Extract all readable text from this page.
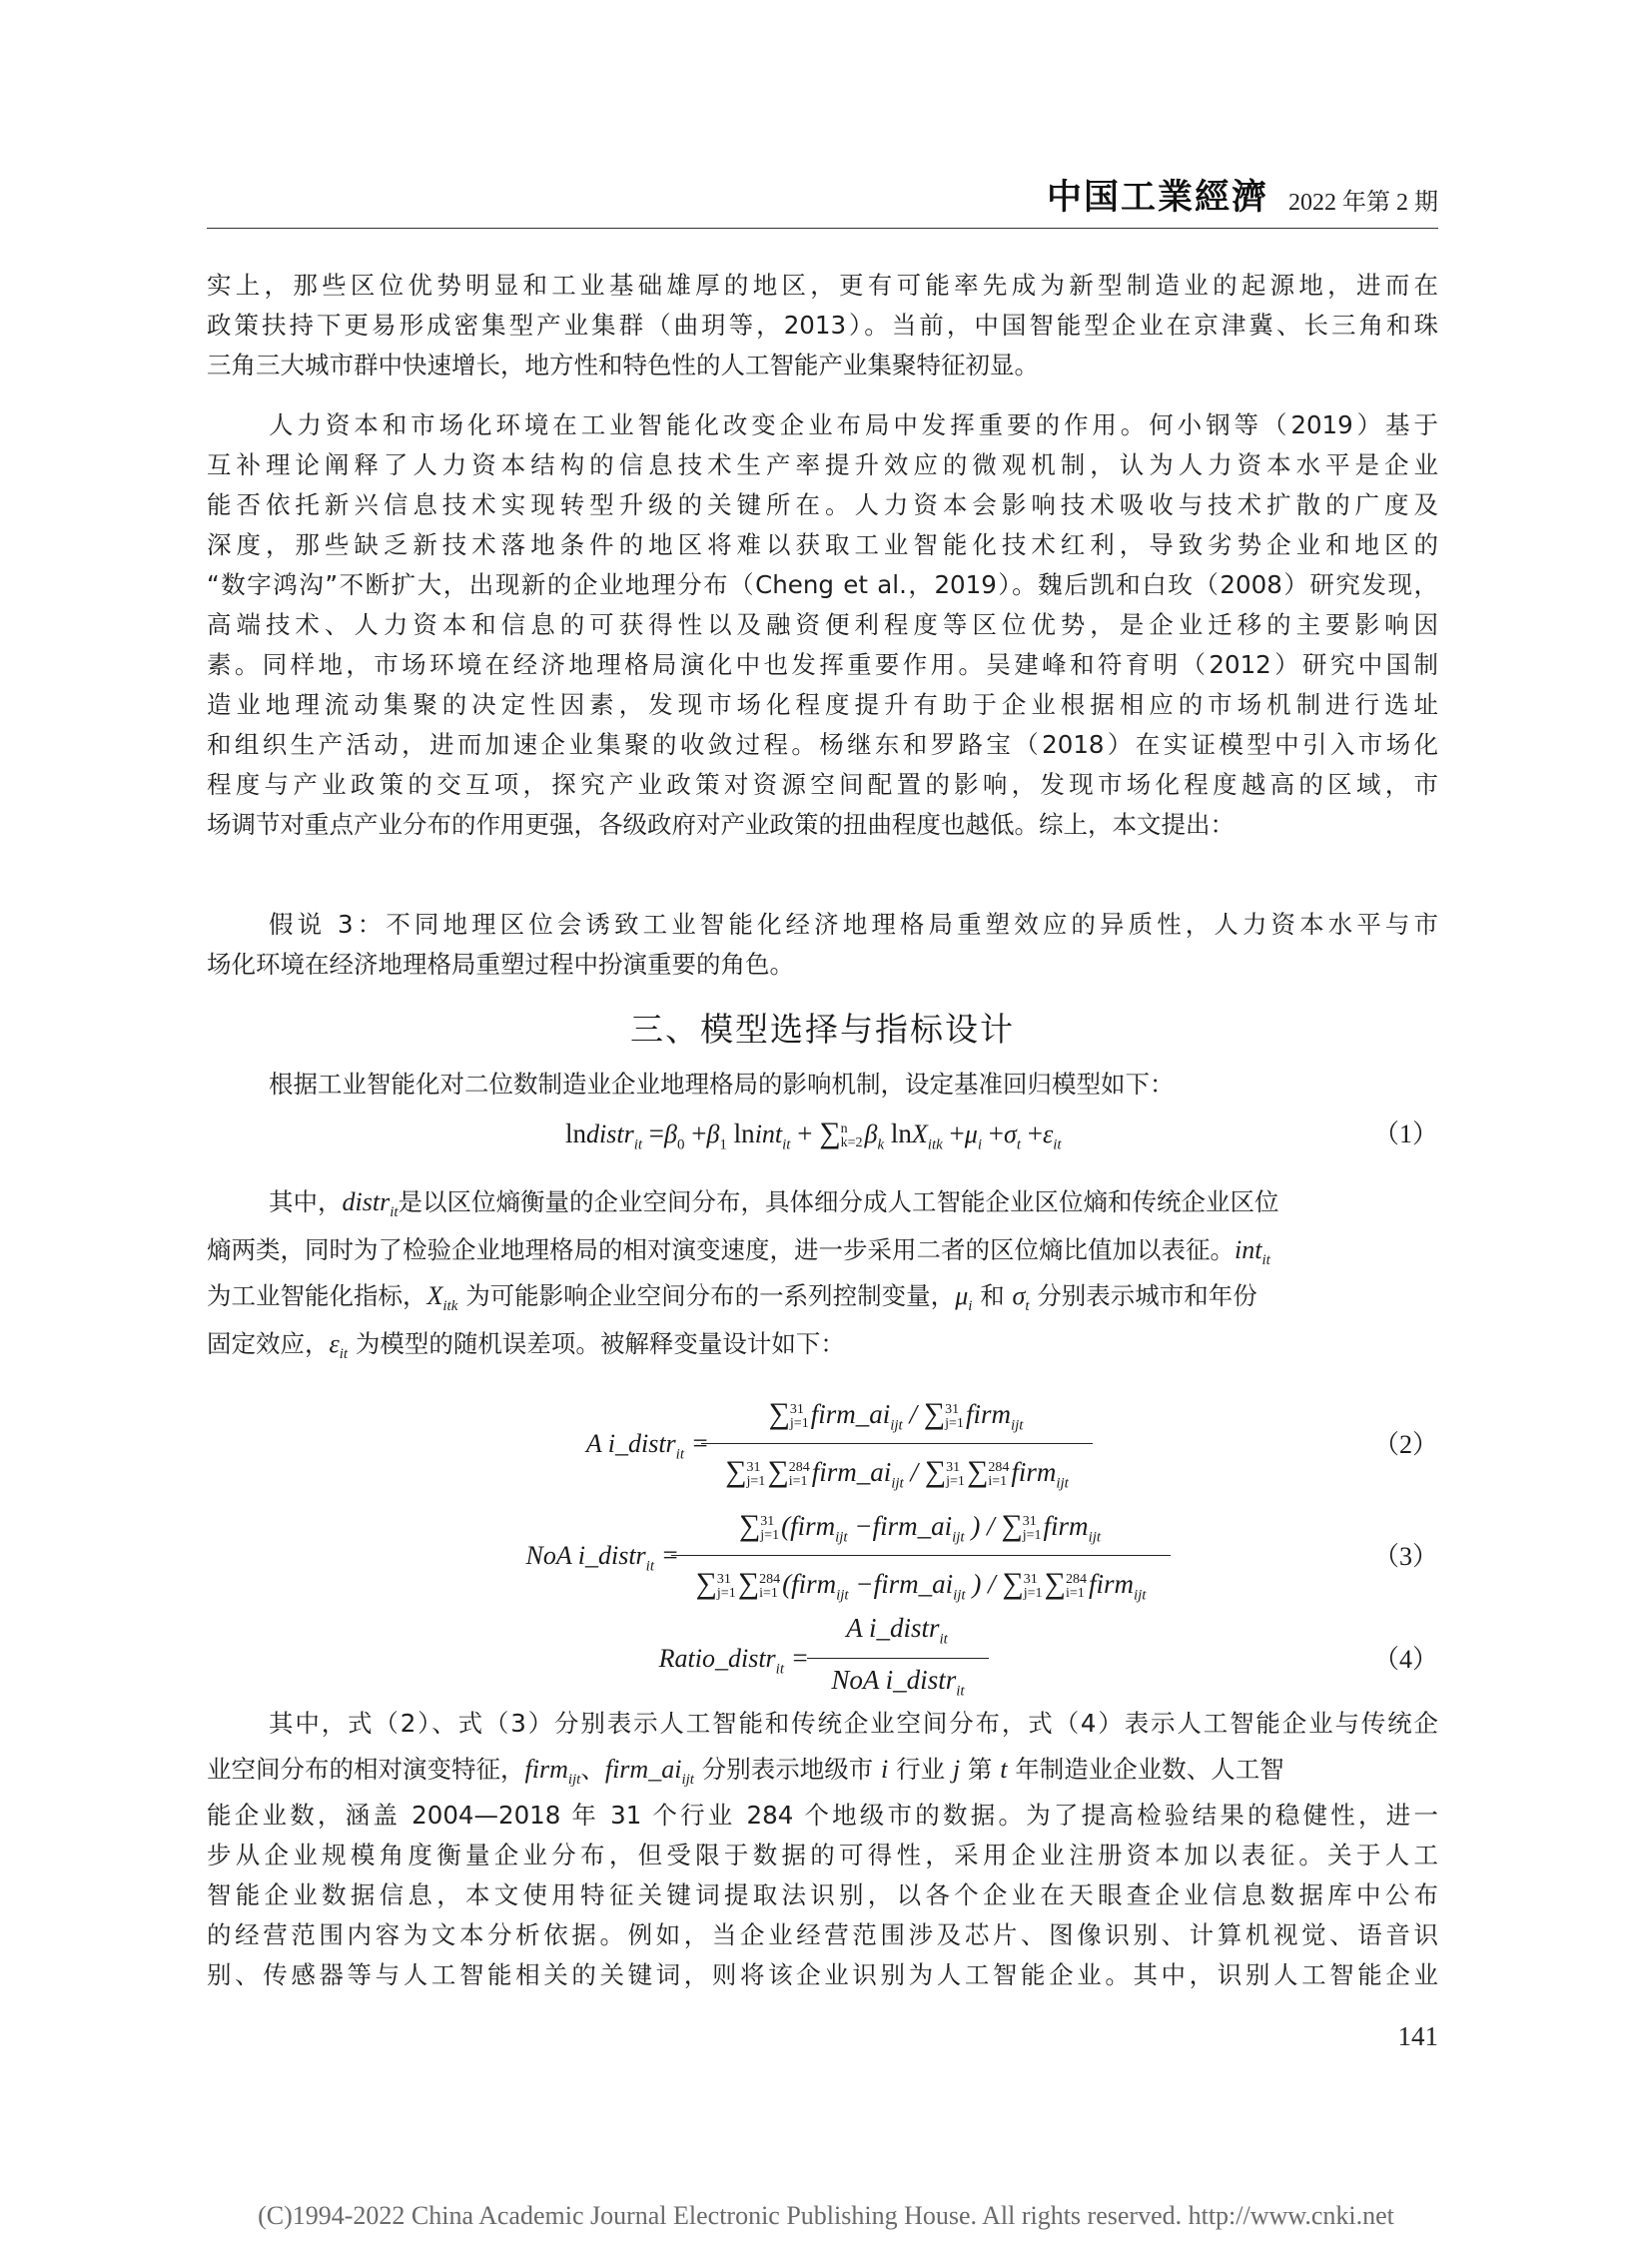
中国工業經濟 2022 年第 2 期
实上，那些区位优势明显和工业基础雄厚的地区，更有可能率先成为新型制造业的起源地，进而在
政策扶持下更易形成密集型产业集群（曲玥等，2013）。当前，中国智能型企业在京津冀、长三角和珠
三角三大城市群中快速增长，地方性和特色性的人工智能产业集聚特征初显。
人力资本和市场化环境在工业智能化改变企业布局中发挥重要的作用。何小钢等（2019）基于
互补理论阐释了人力资本结构的信息技术生产率提升效应的微观机制，认为人力资本水平是企业
能否依托新兴信息技术实现转型升级的关键所在。人力资本会影响技术吸收与技术扩散的广度及
深度，那些缺乏新技术落地条件的地区将难以获取工业智能化技术红利，导致劣势企业和地区的
“数字鸿沟”不断扩大，出现新的企业地理分布（Cheng et al.，2019）。魏后凯和白玫（2008）研究发现，
高端技术、人力资本和信息的可获得性以及融资便利程度等区位优势，是企业迁移的主要影响因
素。同样地，市场环境在经济地理格局演化中也发挥重要作用。吴建峰和符育明（2012）研究中国制
造业地理流动集聚的决定性因素，发现市场化程度提升有助于企业根据相应的市场机制进行选址
和组织生产活动，进而加速企业集聚的收敛过程。杨继东和罗路宝（2018）在实证模型中引入市场化
程度与产业政策的交互项，探究产业政策对资源空间配置的影响，发现市场化程度越高的区域，市
场调节对重点产业分布的作用更强，各级政府对产业政策的扭曲程度也越低。综上，本文提出：
假说 3：不同地理区位会诱致工业智能化经济地理格局重塑效应的异质性，人力资本水平与市
场化环境在经济地理格局重塑过程中扮演重要的角色。
三、模型选择与指标设计
根据工业智能化对二位数制造业企业地理格局的影响机制，设定基准回归模型如下：
lndistr$_{it}$ $=\beta_0 +\beta_1$ lnint$_{it}$ + ∑ n
k=2 $\beta_k$ $\ln X_{itk} +\mu_i +\sigma_t +\varepsilon_{it}$	（1）
其中，distr$_{it}$是以区位熵衡量的企业空间分布，具体细分成人工智能企业区位熵和传统企业区位
熵两类，同时为了检验企业地理格局的相对演变速度，进一步采用二者的区位熵比值加以表征。int$_{it}$
为工业智能化指标，$X_{itk}$ 为可能影响企业空间分布的一系列控制变量，$\mu_i$ 和 $\sigma_t$ 分别表示城市和年份
固定效应，$\varepsilon_{it}$ 为模型的随机误差项。被解释变量设计如下：
A i_distr$_{it}$ =
∑ 31
j=1 $firm\_ai_{ijt}$ / ∑ 31
j=1 firm$_{ijt}$
∑ 31
j=1 ∑ 284
i=1 $firm\_ai_{ijt}$ / ∑ 31
j=1 ∑ 284
i=1 firm$_{ijt}$
（2）
NoA i_distr$_{it}$ =
∑ 31
j=1 (firm$_{ijt}$ $-firm\_ai_{ijt}$ ) / ∑ 31
j=1 firm$_{ijt}$
∑ 31
j=1 ∑ 284
i=1 (firm$_{ijt}$ $-firm\_ai_{ijt}$ ) / ∑ 31
j=1 ∑ 284
i=1 firm$_{ijt}$
（3）
Ratio_distr$_{it}$ =
A i_distr$_{it}$
NoA i_distr$_{it}$
（4）
其中，式（2）、式（3）分别表示人工智能和传统企业空间分布，式（4）表示人工智能企业与传统企
业空间分布的相对演变特征，firm$_{ijt}$、$firm\_ai_{ijt}$ 分别表示地级市 i 行业 j 第 t 年制造业企业数、人工智
能企业数，涵盖 2004—2018 年 31 个行业 284 个地级市的数据。为了提高检验结果的稳健性，进一
步从企业规模角度衡量企业分布，但受限于数据的可得性，采用企业注册资本加以表征。关于人工
智能企业数据信息，本文使用特征关键词提取法识别，以各个企业在天眼查企业信息数据库中公布
的经营范围内容为文本分析依据。例如，当企业经营范围涉及芯片、图像识别、计算机视觉、语音识
别、传感器等与人工智能相关的关键词，则将该企业识别为人工智能企业。其中，识别人工智能企业
141
(C)1994-2022 China Academic Journal Electronic Publishing House. All rights reserved. http://www.cnki.net
